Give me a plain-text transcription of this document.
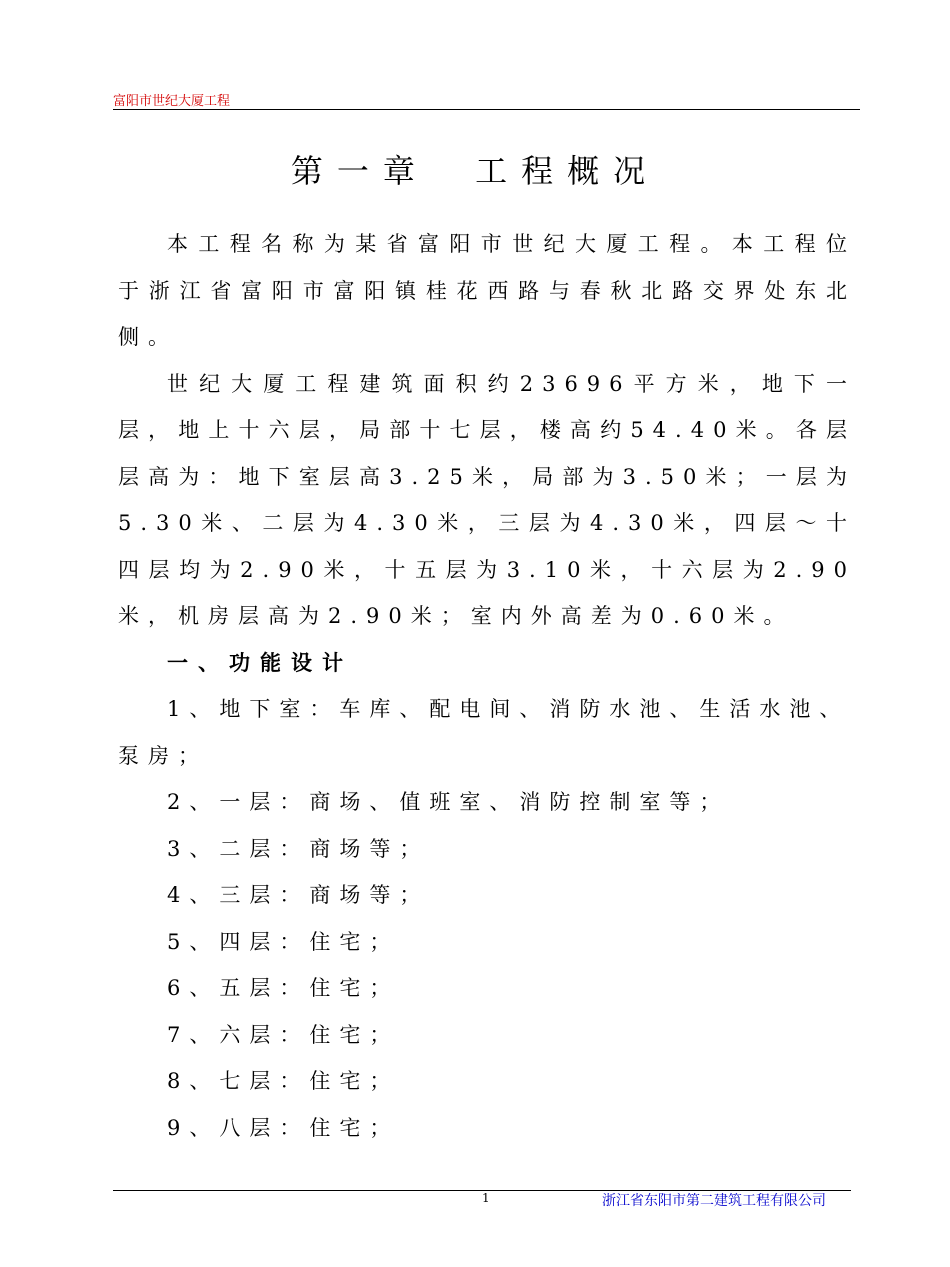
富阳市世纪大厦工程
第一章 工程概况

本工程名称为某省富阳市世纪大厦工程。本工程位于浙江省富阳市富阳镇桂花西路与春秋北路交界处东北侧。

世纪大厦工程建筑面积约23696平方米，地下一层，地上十六层，局部十七层，楼高约54.40米。各层层高为：地下室层高3.25米，局部为3.50米；一层为5.30米、二层为4.30米，三层为4.30米，四层～十四层均为2.90米，十五层为3.10米，十六层为2.90米，机房层高为2.90米；室内外高差为0.60米。

一、功能设计

1、地下室：车库、配电间、消防水池、生活水池、泵房；

2、一层：商场、值班室、消防控制室等；

3、二层：商场等；

4、三层：商场等；

5、四层：住宅；

6、五层：住宅；

7、六层：住宅；

8、七层：住宅；

9、八层：住宅；

1	浙江省东阳市第二建筑工程有限公司
